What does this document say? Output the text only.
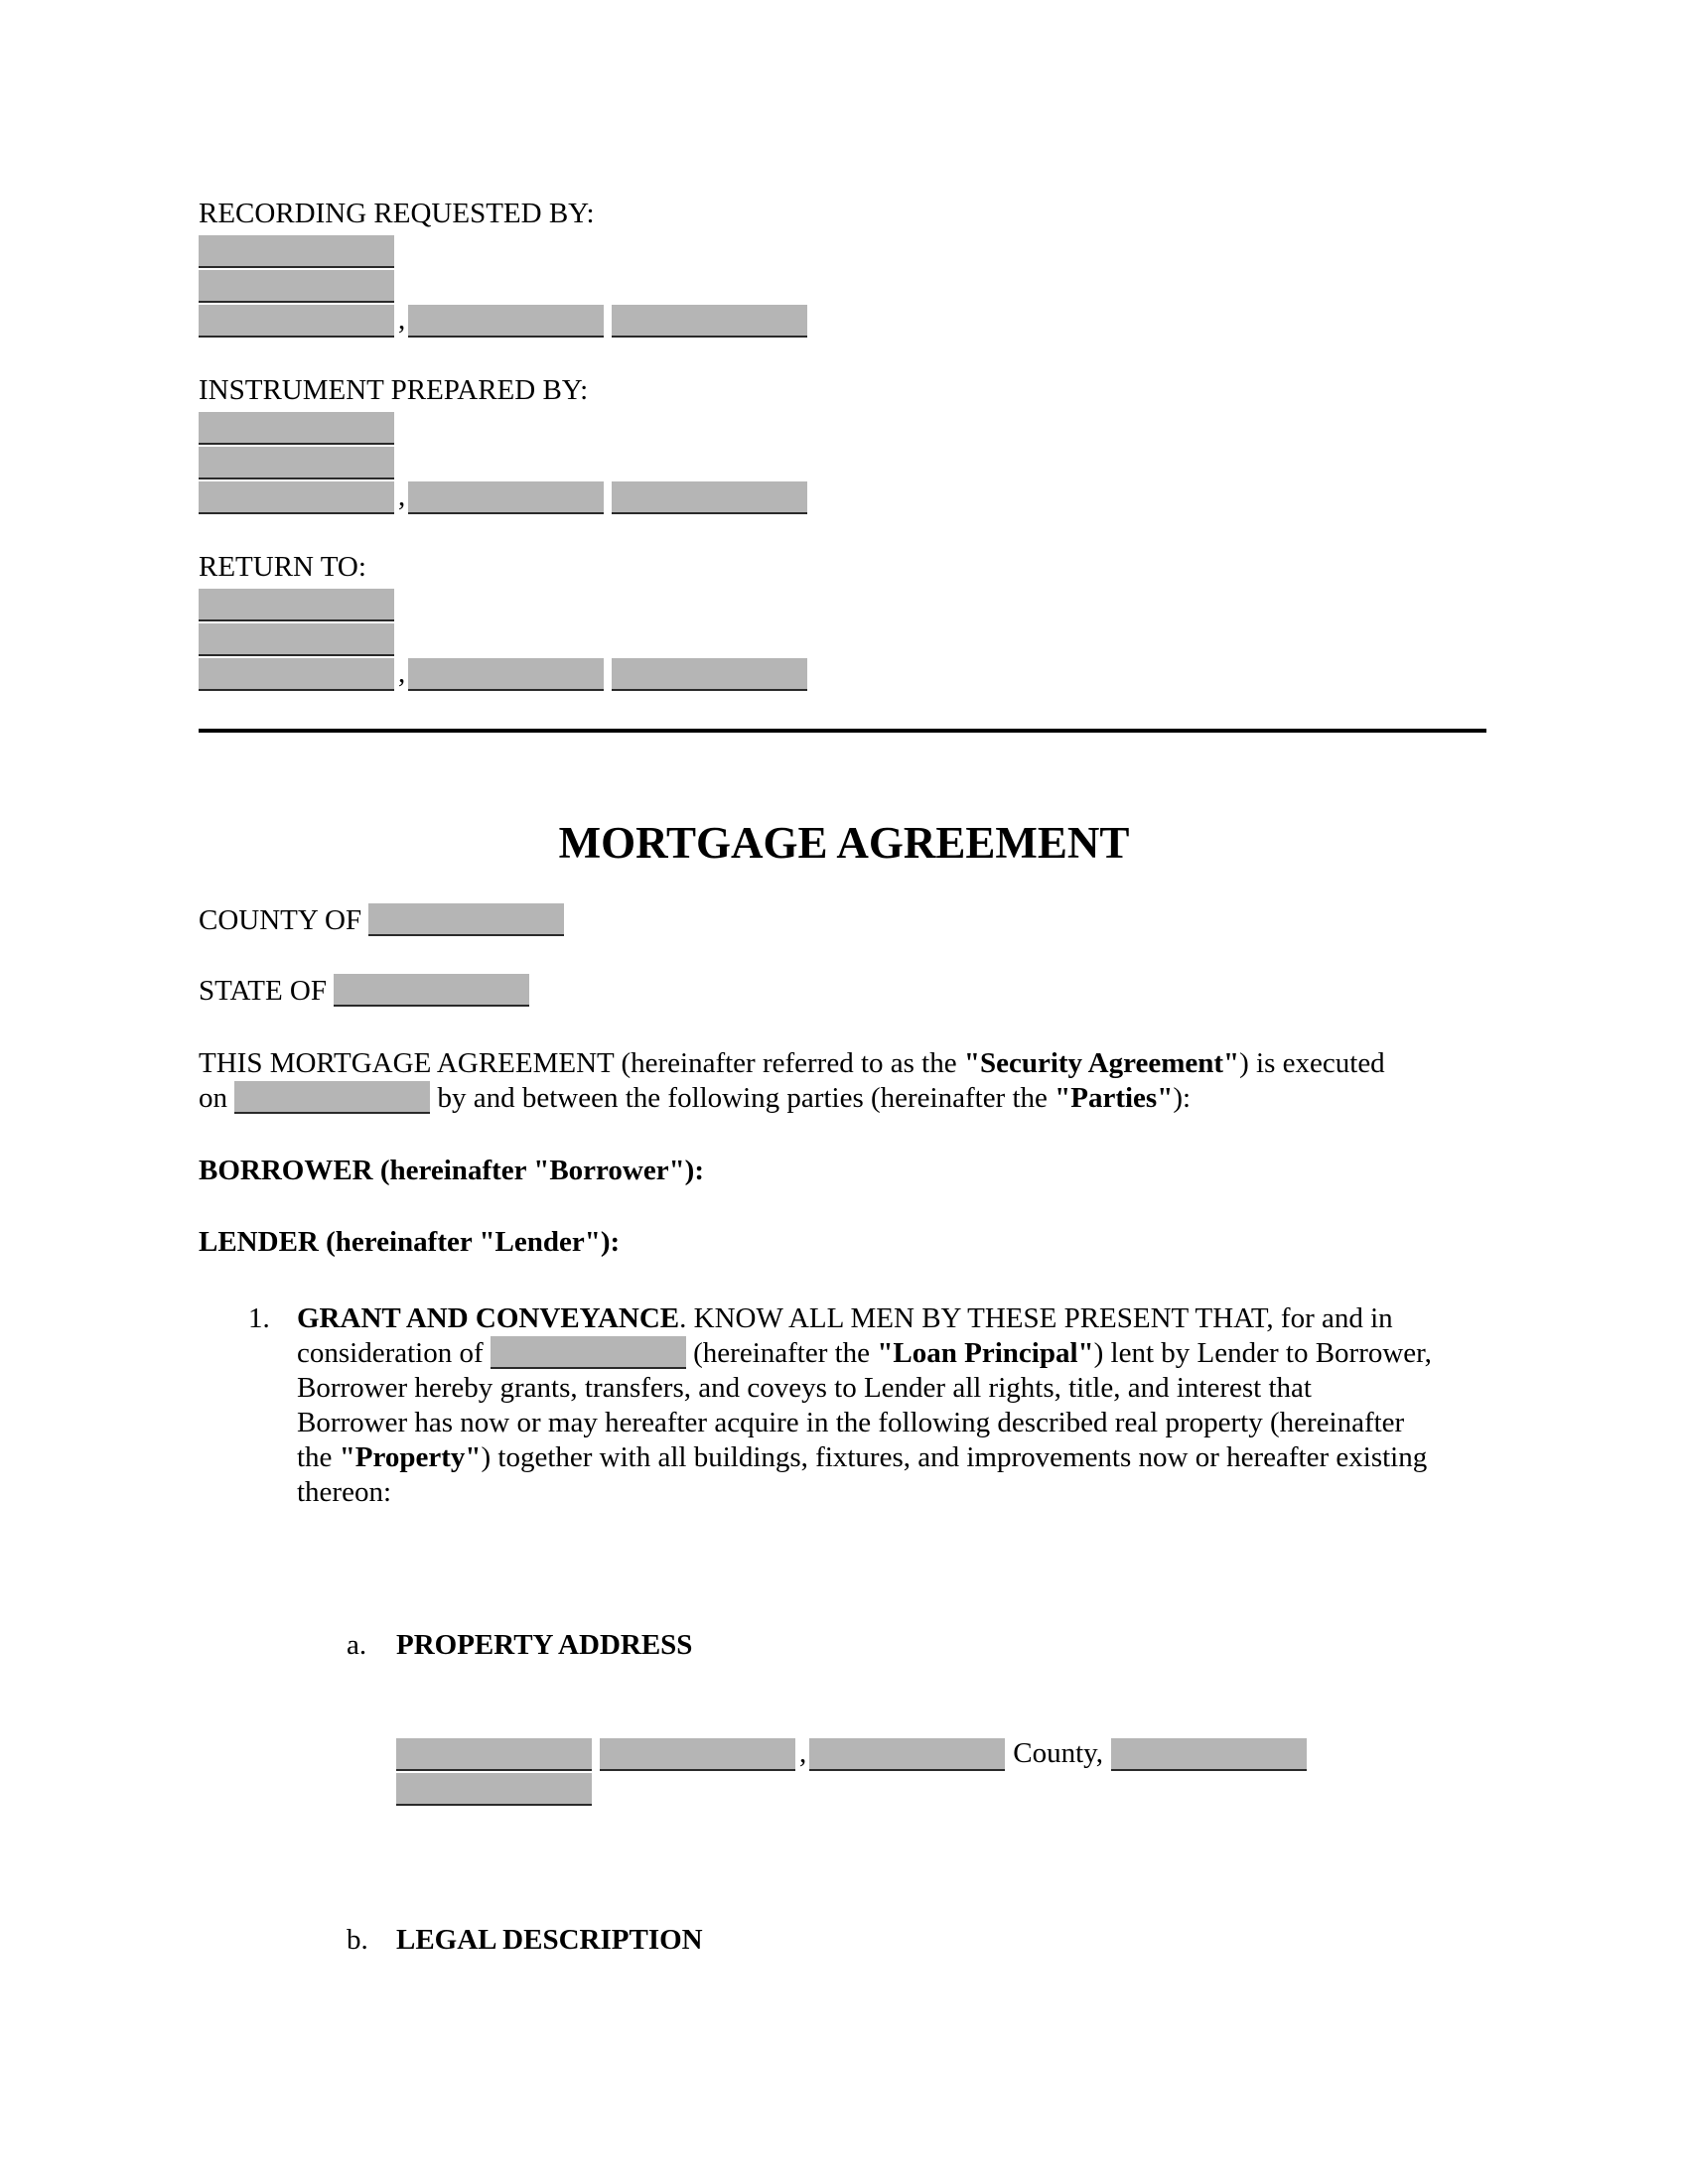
RECORDING REQUESTED BY:
,
INSTRUMENT PREPARED BY:
,
RETURN TO:
,
MORTGAGE AGREEMENT
COUNTY OF
STATE OF
THIS MORTGAGE AGREEMENT (hereinafter referred to as the "Security Agreement") is executed
on	by and between the following parties (hereinafter the "Parties"):
BORROWER (hereinafter "Borrower"):
LENDER (hereinafter "Lender"):
1. GRANT AND CONVEYANCE. KNOW ALL MEN BY THESE PRESENT THAT, for and in
consideration of	(hereinafter the "Loan Principal") lent by Lender to Borrower,
Borrower hereby grants, transfers, and coveys to Lender all rights, title, and interest that
Borrower has now or may hereafter acquire in the following described real property (hereinafter
the "Property") together with all buildings, fixtures, and improvements now or hereafter existing
thereon:
a. PROPERTY ADDRESS
,	County,
b. LEGAL DESCRIPTION
